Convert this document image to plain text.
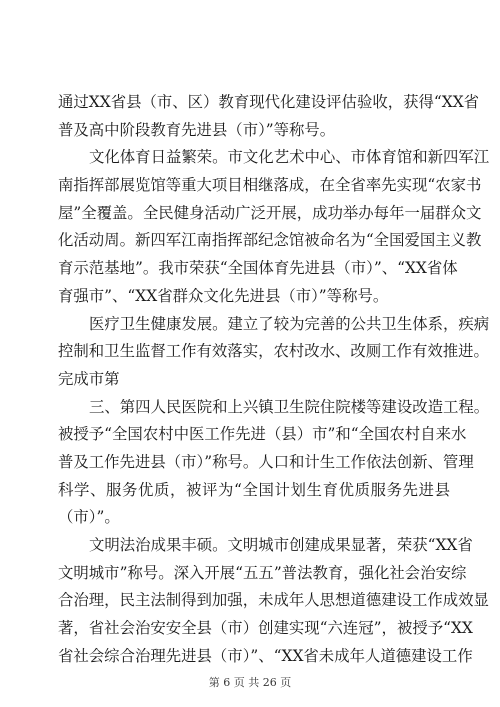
通过XX省县（市、区）教育现代化建设评估验收，获得“XX省
普及高中阶段教育先进县（市）”等称号。
文化体育日益繁荣。市文化艺术中心、市体育馆和新四军江
南指挥部展览馆等重大项目相继落成，在全省率先实现“农家书
屋”全覆盖。全民健身活动广泛开展，成功举办每年一届群众文
化活动周。新四军江南指挥部纪念馆被命名为“全国爱国主义教
育示范基地”。我市荣获“全国体育先进县（市）”、“XX省体
育强市”、“XX省群众文化先进县（市）”等称号。
医疗卫生健康发展。建立了较为完善的公共卫生体系，疾病
控制和卫生监督工作有效落实，农村改水、改厕工作有效推进。
完成市第
三、第四人民医院和上兴镇卫生院住院楼等建设改造工程。
被授予“全国农村中医工作先进（县）市”和“全国农村自来水
普及工作先进县（市）”称号。人口和计生工作依法创新、管理
科学、服务优质，被评为“全国计划生育优质服务先进县
（市）”。
文明法治成果丰硕。文明城市创建成果显著，荣获“XX省
文明城市”称号。深入开展“五五”普法教育，强化社会治安综
合治理，民主法制得到加强，未成年人思想道德建设工作成效显
著，省社会治安安全县（市）创建实现“六连冠”，被授予“XX
省社会综合治理先进县（市）”、“XX省未成年人道德建设工作
第 6 页 共 26 页
